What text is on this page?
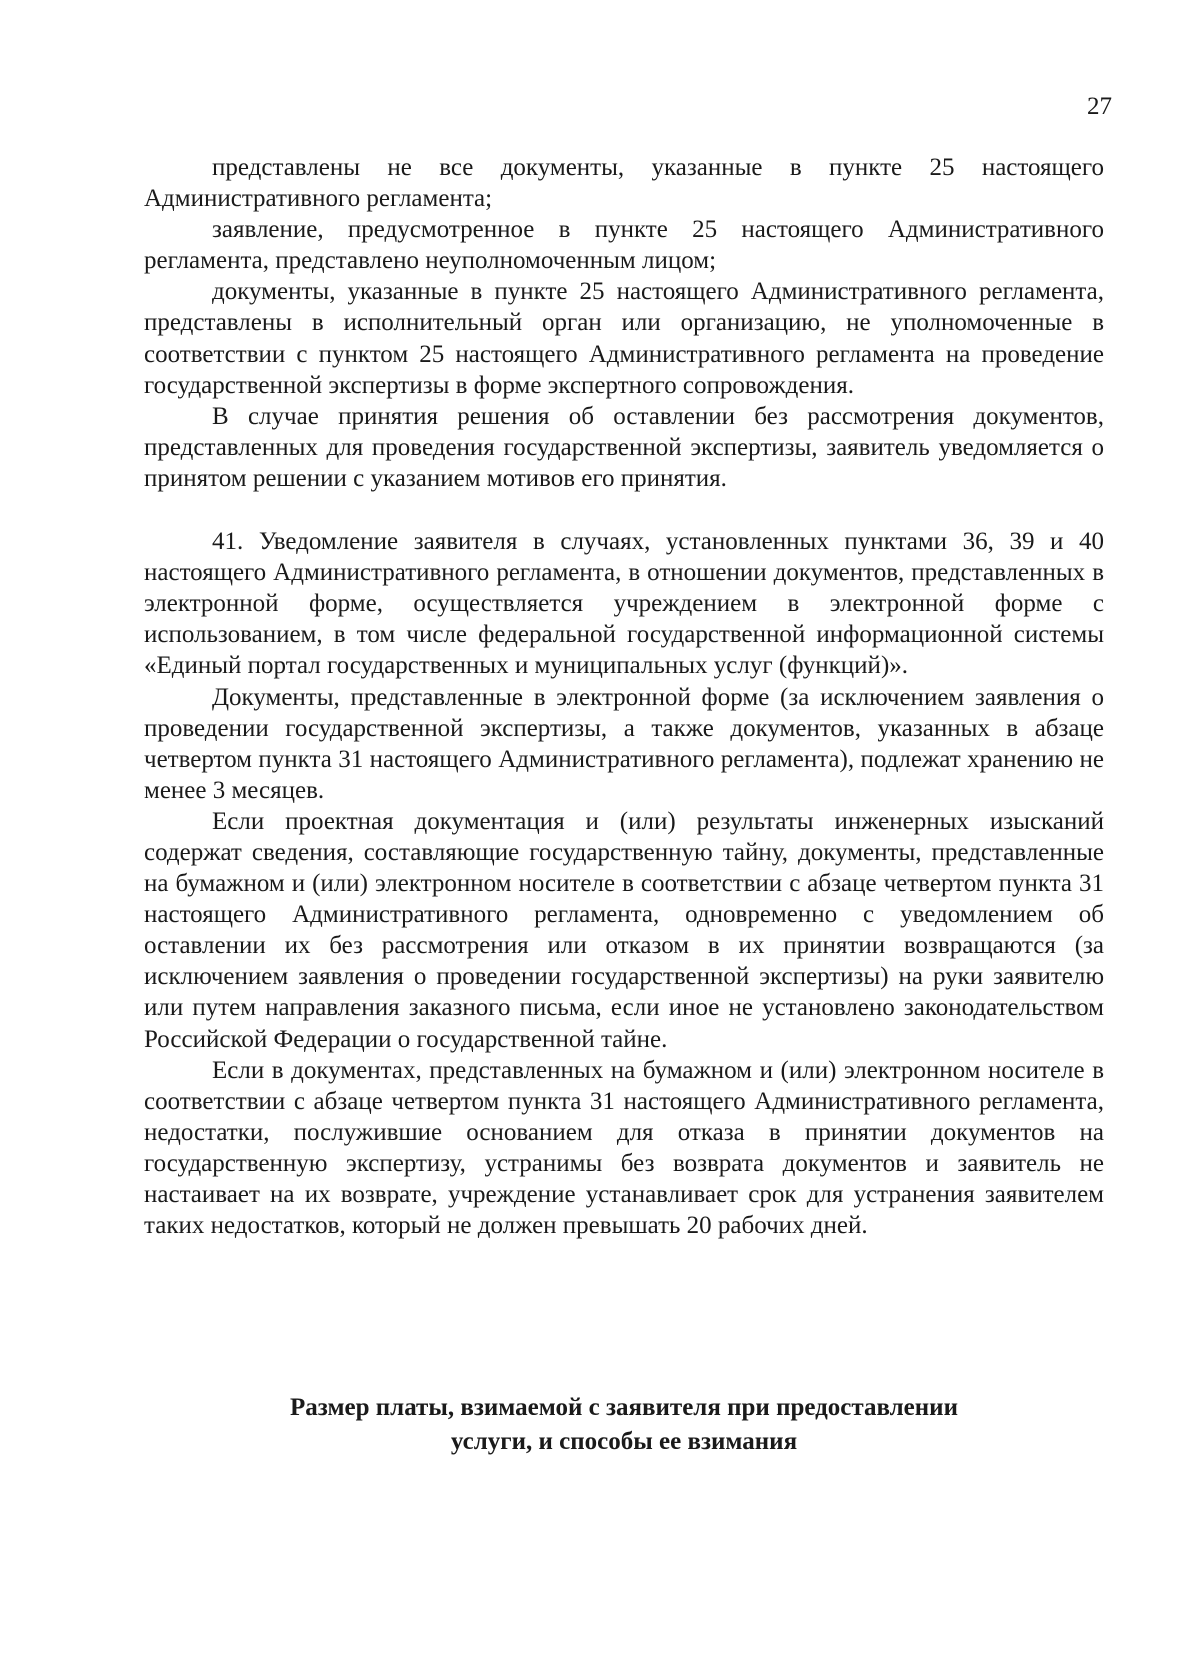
27

представлены не все документы, указанные в пункте 25 настоящего Административного регламента;

заявление, предусмотренное в пункте 25 настоящего Административного регламента, представлено неуполномоченным лицом;

документы, указанные в пункте 25 настоящего Административного регламента, представлены в исполнительный орган или организацию, не уполномоченные в соответствии с пунктом 25 настоящего Административного регламента на проведение государственной экспертизы в форме экспертного сопровождения.

В случае принятия решения об оставлении без рассмотрения документов, представленных для проведения государственной экспертизы, заявитель уведомляется о принятом решении с указанием мотивов его принятия.

41. Уведомление заявителя в случаях, установленных пунктами 36, 39 и 40 настоящего Административного регламента, в отношении документов, представленных в электронной форме, осуществляется учреждением в электронной форме с использованием, в том числе федеральной государственной информационной системы «Единый портал государственных и муниципальных услуг (функций)».

Документы, представленные в электронной форме (за исключением заявления о проведении государственной экспертизы, а также документов, указанных в абзаце четвертом пункта 31 настоящего Административного регламента), подлежат хранению не менее 3 месяцев.

Если проектная документация и (или) результаты инженерных изысканий содержат сведения, составляющие государственную тайну, документы, представленные на бумажном и (или) электронном носителе в соответствии с абзаце четвертом пункта 31 настоящего Административного регламента, одновременно с уведомлением об оставлении их без рассмотрения или отказом в их принятии возвращаются (за исключением заявления о проведении государственной экспертизы) на руки заявителю или путем направления заказного письма, если иное не установлено законодательством Российской Федерации о государственной тайне.

Если в документах, представленных на бумажном и (или) электронном носителе в соответствии с абзаце четвертом пункта 31 настоящего Административного регламента, недостатки, послужившие основанием для отказа в принятии документов на государственную экспертизу, устранимы без возврата документов и заявитель не настаивает на их возврате, учреждение устанавливает срок для устранения заявителем таких недостатков, который не должен превышать 20 рабочих дней.

Размер платы, взимаемой с заявителя при предоставлении
услуги, и способы ее взимания
